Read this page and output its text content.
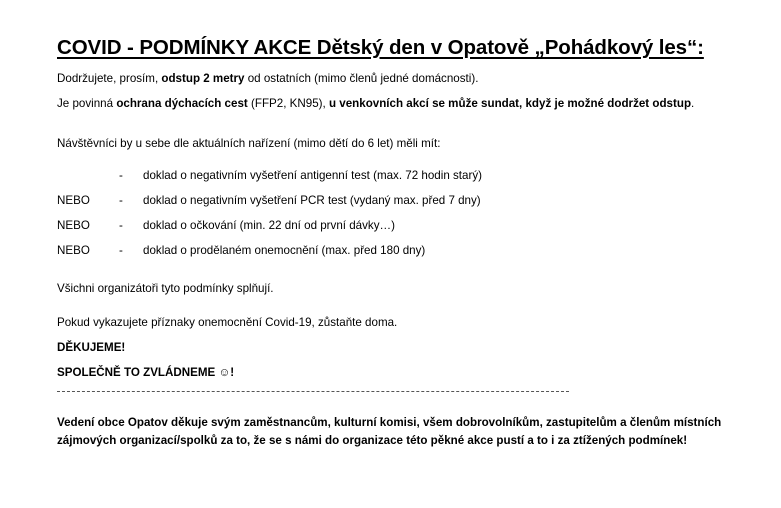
COVID - PODMÍNKY AKCE Dětský den v Opatově „Pohádkový les“:
Dodržujete, prosím, odstup 2 metry od ostatních (mimo členů jedné domácnosti).
Je povinná ochrana dýchacích cest (FFP2, KN95), u venkovních akcí se může sundat, když je možné dodržet odstup.
Návštěvníci by u sebe dle aktuálních nařízení (mimo dětí do 6 let) měli mít:
- doklad o negativním vyšetření antigenní test (max. 72 hodin starý)
NEBO	- doklad o negativním vyšetření PCR test (vydaný max. před 7 dny)
NEBO	- doklad o očkování (min. 22 dní od první dávky…)
NEBO	- doklad o prodělaném onemocnění (max. před 180 dny)
Všichni organizátoři tyto podmínky splňují.
Pokud vykazujete příznaky onemocnění Covid-19, zůstaňte doma.
DĚKUJEME!
SPOLEČNĚ TO ZVLÁDNEME ☺!
Vedení obce Opatov děkuje svým zaměstnancům, kulturní komisi, všem dobrovolníkům, zastupitelům a členům místních zájmových organizací/spolků za to, že se s námi do organizace této pěkné akce pustí a to i za ztížených podmínek!
